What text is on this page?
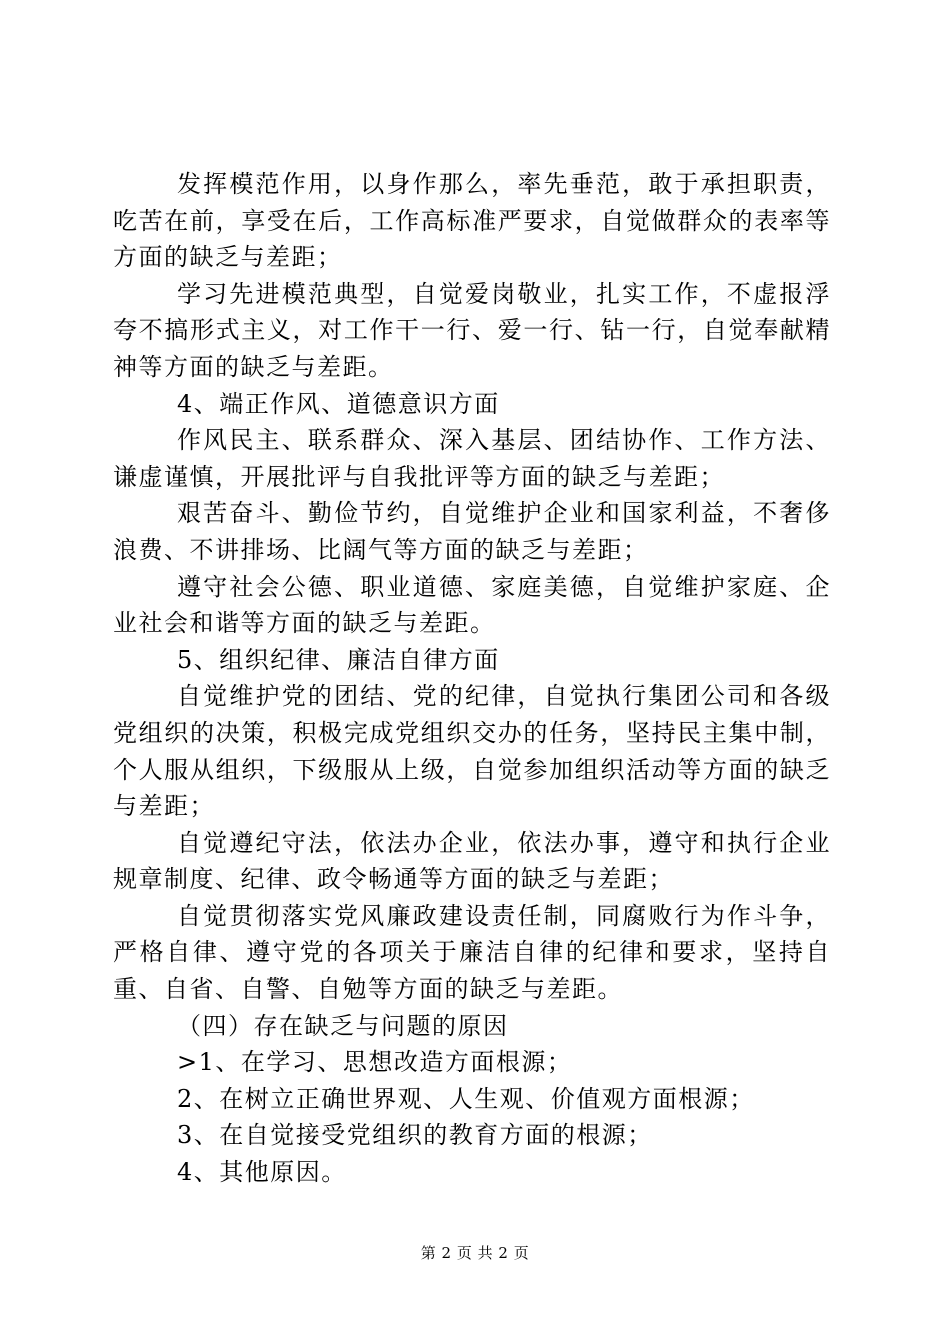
发挥模范作用，以身作那么，率先垂范，敢于承担职责，吃苦在前，享受在后，工作高标准严要求，自觉做群众的表率等方面的缺乏与差距；

学习先进模范典型，自觉爱岗敬业，扎实工作，不虚报浮夸不搞形式主义，对工作干一行、爱一行、钻一行，自觉奉献精神等方面的缺乏与差距。

4、端正作风、道德意识方面

作风民主、联系群众、深入基层、团结协作、工作方法、谦虚谨慎，开展批评与自我批评等方面的缺乏与差距；

艰苦奋斗、勤俭节约，自觉维护企业和国家利益，不奢侈浪费、不讲排场、比阔气等方面的缺乏与差距；

遵守社会公德、职业道德、家庭美德，自觉维护家庭、企业社会和谐等方面的缺乏与差距。

5、组织纪律、廉洁自律方面

自觉维护党的团结、党的纪律，自觉执行集团公司和各级党组织的决策，积极完成党组织交办的任务，坚持民主集中制，个人服从组织，下级服从上级，自觉参加组织活动等方面的缺乏与差距；

自觉遵纪守法，依法办企业，依法办事，遵守和执行企业规章制度、纪律、政令畅通等方面的缺乏与差距；

自觉贯彻落实党风廉政建设责任制，同腐败行为作斗争，严格自律、遵守党的各项关于廉洁自律的纪律和要求，坚持自重、自省、自警、自勉等方面的缺乏与差距。

（四）存在缺乏与问题的原因

>1、在学习、思想改造方面根源；

2、在树立正确世界观、人生观、价值观方面根源；

3、在自觉接受党组织的教育方面的根源；

4、其他原因。

第 2 页 共 2 页
